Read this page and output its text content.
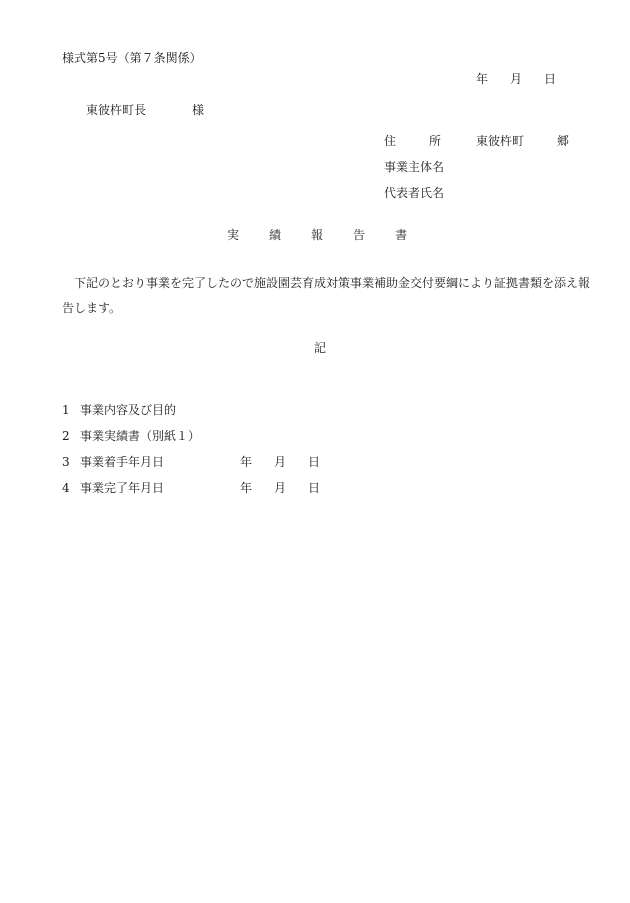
様式第5号（第７条関係）
年 月 日
東彼杵町長	様
住	所	東彼杵町	郷
事業主体名
代表者氏名
実	績	報	告	書
　下記のとおり事業を完了したので施設園芸育成対策事業補助金交付要綱により証拠書類を添え報
告します。
記
1 事業内容及び目的
2 事業実績書（別紙１）
3 事業着手年月日	年 月 日
4 事業完了年月日	年 月 日
